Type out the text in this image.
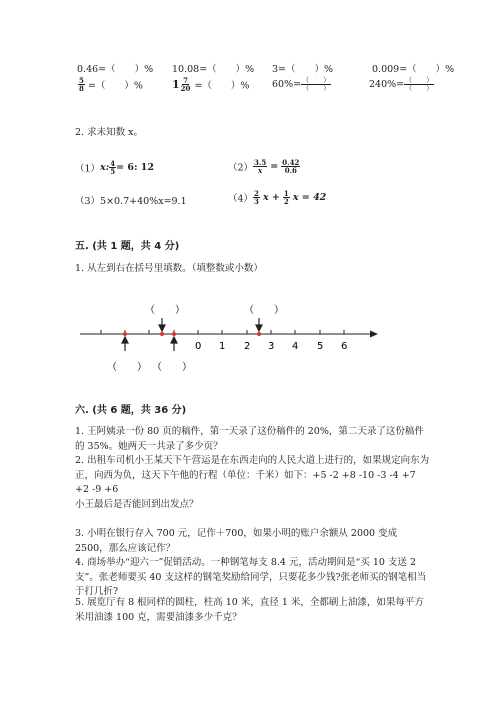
0.46=（　　）% 10.08=（　　）% 3=（　　）%	0.009=（　　）%
$\frac{5}{8}$ =（　　）%	$1 \frac{7}{20}$ =（　　）% $60\%= \frac{( )}{( )}$	$240\%= \frac{( )}{( )}$
2. 求未知数 x。
（1）x: $\frac{4}{5} = 6$: 12	$(2) \frac{3.5}{x} = \frac{0.42}{0.6}$
（3）5×0.7+40%x=9.1	$(4) \frac{2}{3}$ $x + \frac{1}{2}$ x = 42
五. (共 1 题，共 4 分)
1. 从左到右在括号里填数。（填整数或小数）
（　　）	（　　）
（　　） （　　）
0 1 2 3 4 5 6
六. (共 6 题，共 36 分)
1. 王阿姨录一份 80 页的稿件，第一天录了这份稿件的 20%，第二天录了这份稿件的 35%。她两天一共录了多少页？
2. 出租车司机小王某天下午营运是在东西走向的人民大道上进行的，如果规定向东为正，向西为负，这天下午他的行程（单位：千米）如下：+5 -2 +8 -10 -3 -4 +7 +2 -9 +6
小王最后是否能回到出发点？
3. 小明在银行存入 700 元，记作＋700，如果小明的账户余额从 2000 变成 2500，那么应该记作？
4. 商场举办“迎六一”促销活动。一种钢笔每支 8.4 元，活动期间是“买 10 支送 2 支”。张老师要买 40 支这样的钢笔奖励给同学，只要花多少钱?张老师买的钢笔相当于打几折?
5. 展览厅有 8 根同样的圆柱，柱高 10 米，直径 1 米，全都刷上油漆，如果每平方米用油漆 100 克，需要油漆多少千克？
